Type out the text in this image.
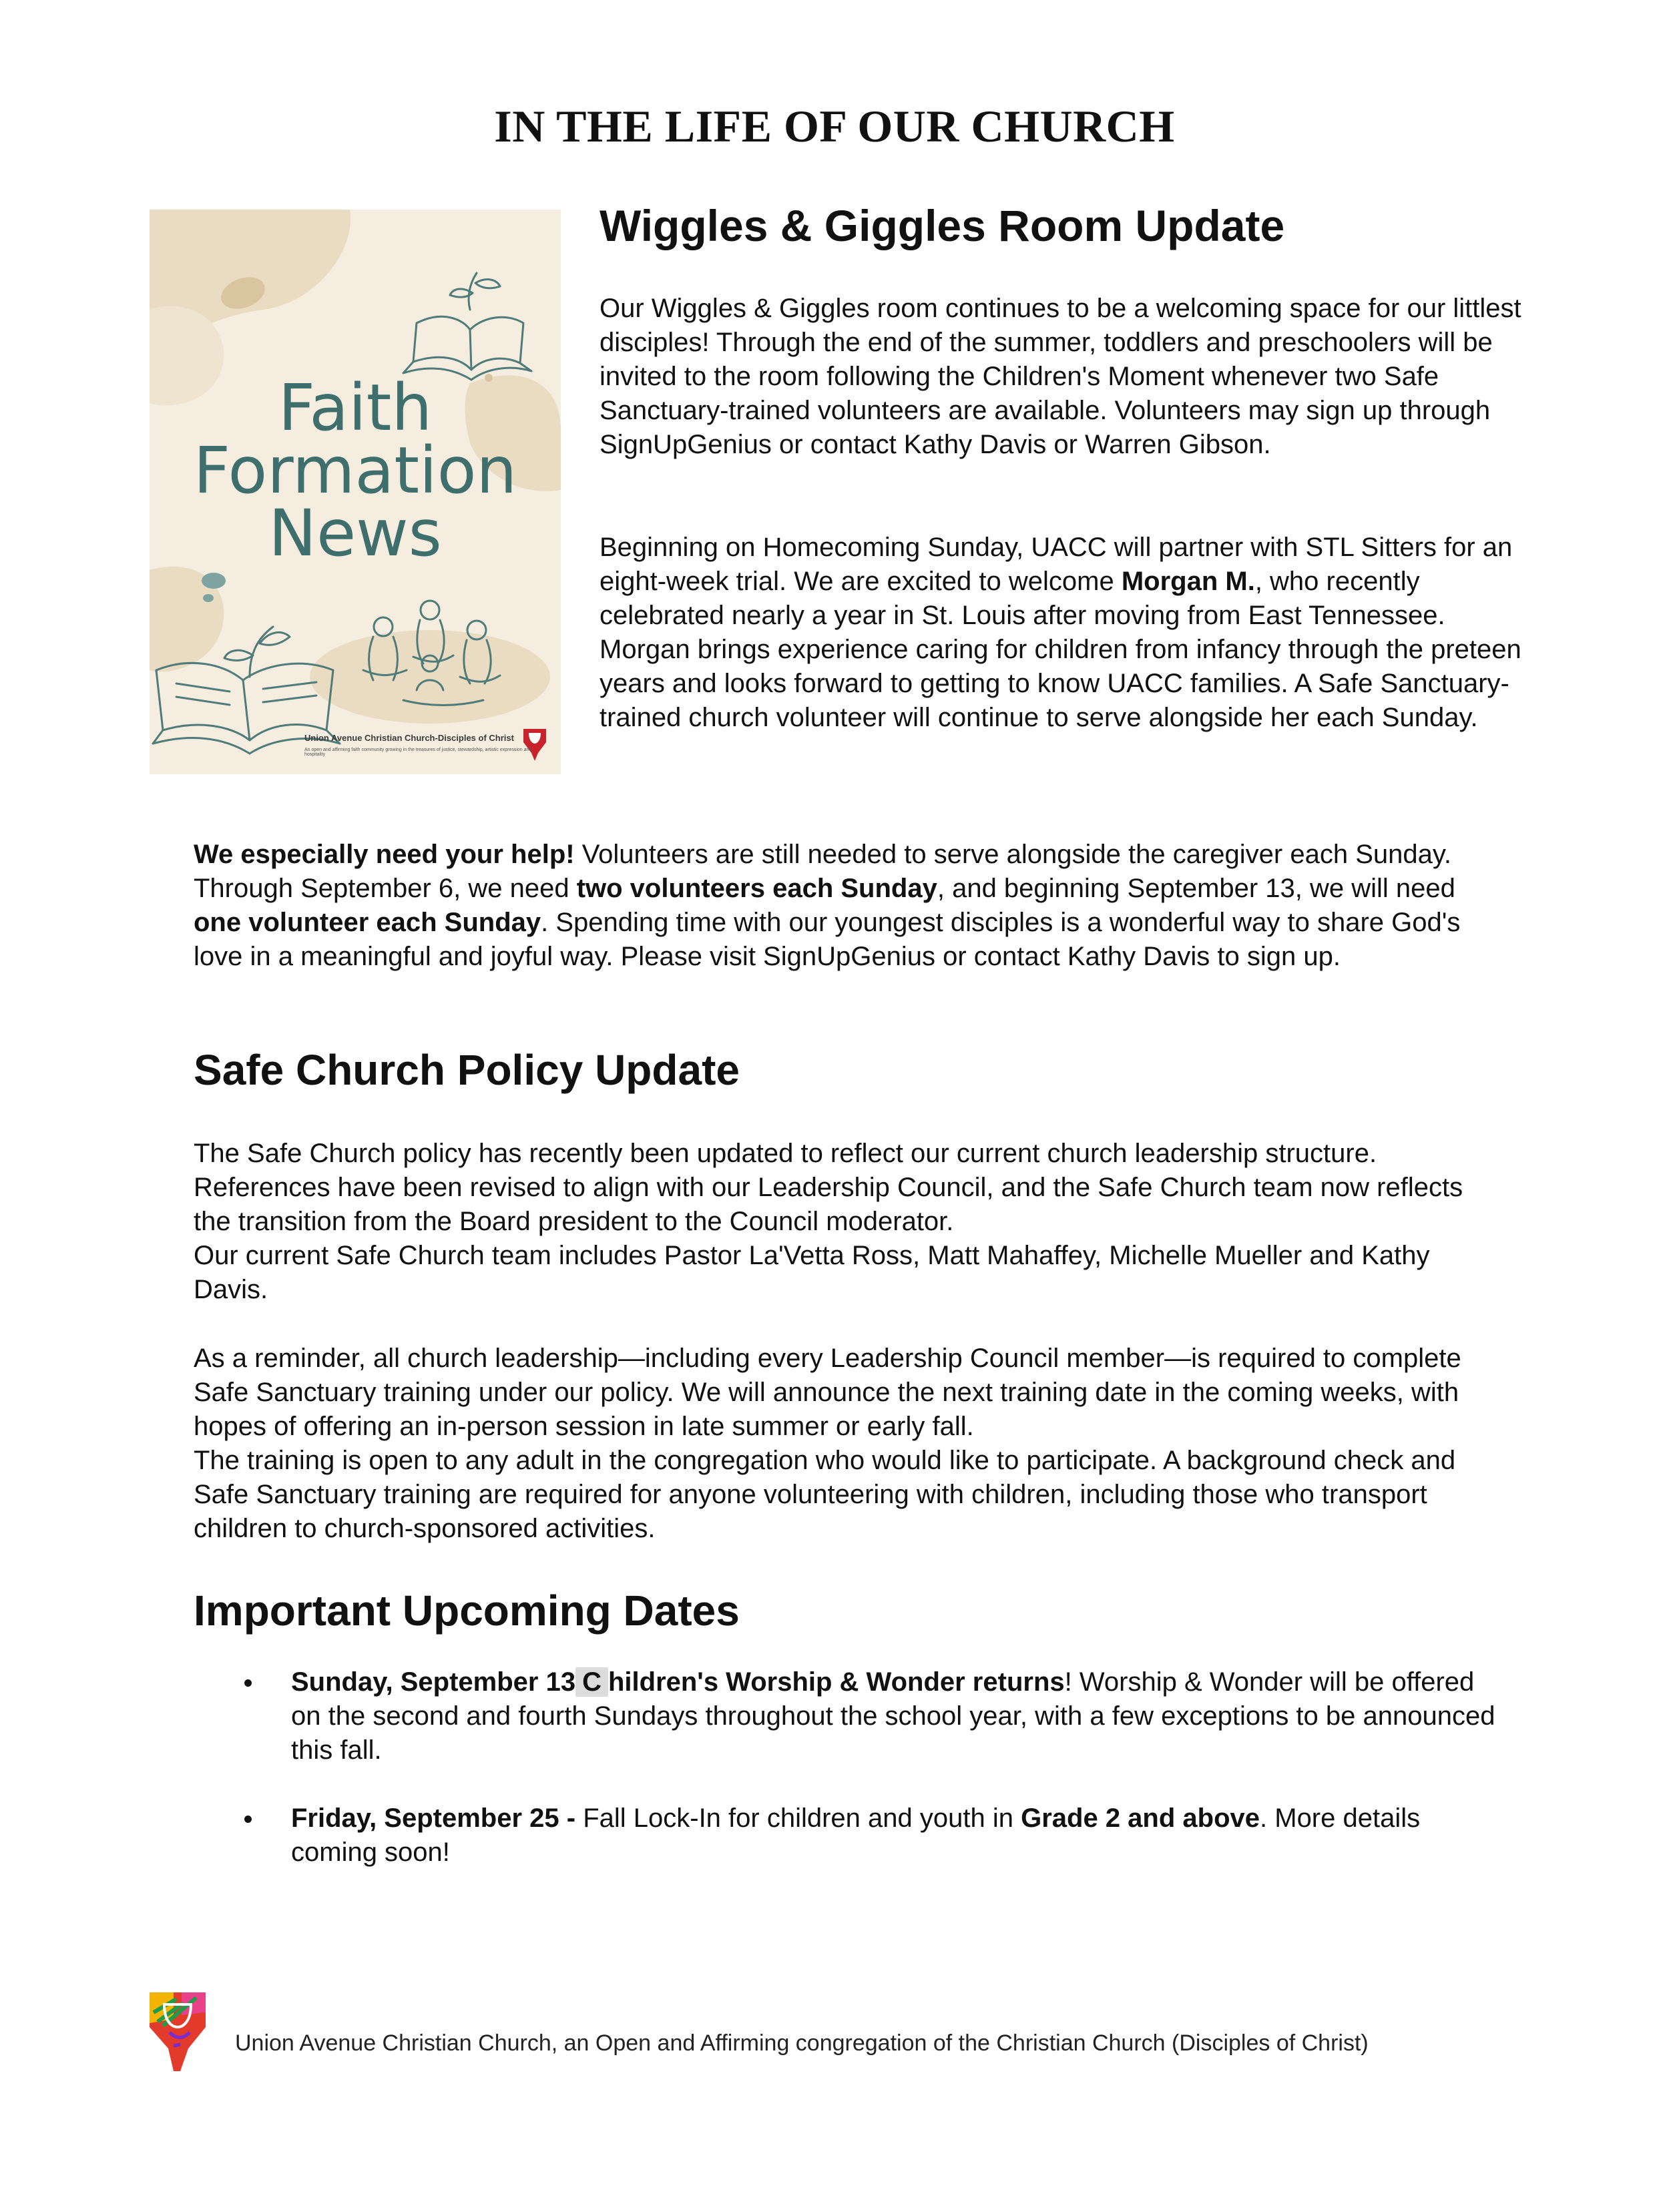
IN THE LIFE OF OUR CHURCH

Faith
Formation
News

Union Avenue Christian Church-Disciples of Christ
An open and affirming faith community growing in the treasures of justice, stewardship, artistic expression and hospitality
Wiggles & Giggles Room Update

Our Wiggles & Giggles room continues to be a welcoming space for our littlest disciples! Through the end of the summer, toddlers and preschoolers will be invited to the room following the Children's Moment whenever two Safe Sanctuary-trained volunteers are available. Volunteers may sign up through SignUpGenius or contact Kathy Davis or Warren Gibson.

Beginning on Homecoming Sunday, UACC will partner with STL Sitters for an eight-week trial. We are excited to welcome Morgan M., who recently celebrated nearly a year in St. Louis after moving from East Tennessee. Morgan brings experience caring for children from infancy through the preteen years and looks forward to getting to know UACC families. A Safe Sanctuary-trained church volunteer will continue to serve alongside her each Sunday.

We especially need your help! Volunteers are still needed to serve alongside the caregiver each Sunday. Through September 6, we need two volunteers each Sunday, and beginning September 13, we will need one volunteer each Sunday. Spending time with our youngest disciples is a wonderful way to share God's love in a meaningful and joyful way. Please visit SignUpGenius or contact Kathy Davis to sign up.

Safe Church Policy Update

The Safe Church policy has recently been updated to reflect our current church leadership structure. References have been revised to align with our Leadership Council, and the Safe Church team now reflects the transition from the Board president to the Council moderator.
Our current Safe Church team includes Pastor La'Vetta Ross, Matt Mahaffey, Michelle Mueller and Kathy Davis.

As a reminder, all church leadership—including every Leadership Council member—is required to complete Safe Sanctuary training under our policy. We will announce the next training date in the coming weeks, with hopes of offering an in-person session in late summer or early fall.
The training is open to any adult in the congregation who would like to participate. A background check and Safe Sanctuary training are required for anyone volunteering with children, including those who transport children to church-sponsored activities.

Important Upcoming Dates
Sunday, September 13 C hildren's Worship & Wonder returns! Worship & Wonder will be offered on the second and fourth Sundays throughout the school year, with a few exceptions to be announced this fall.
Friday, September 25 - Fall Lock-In for children and youth in Grade 2 and above. More details coming soon!

Union Avenue Christian Church, an Open and Affirming congregation of the Christian Church (Disciples of Christ)
